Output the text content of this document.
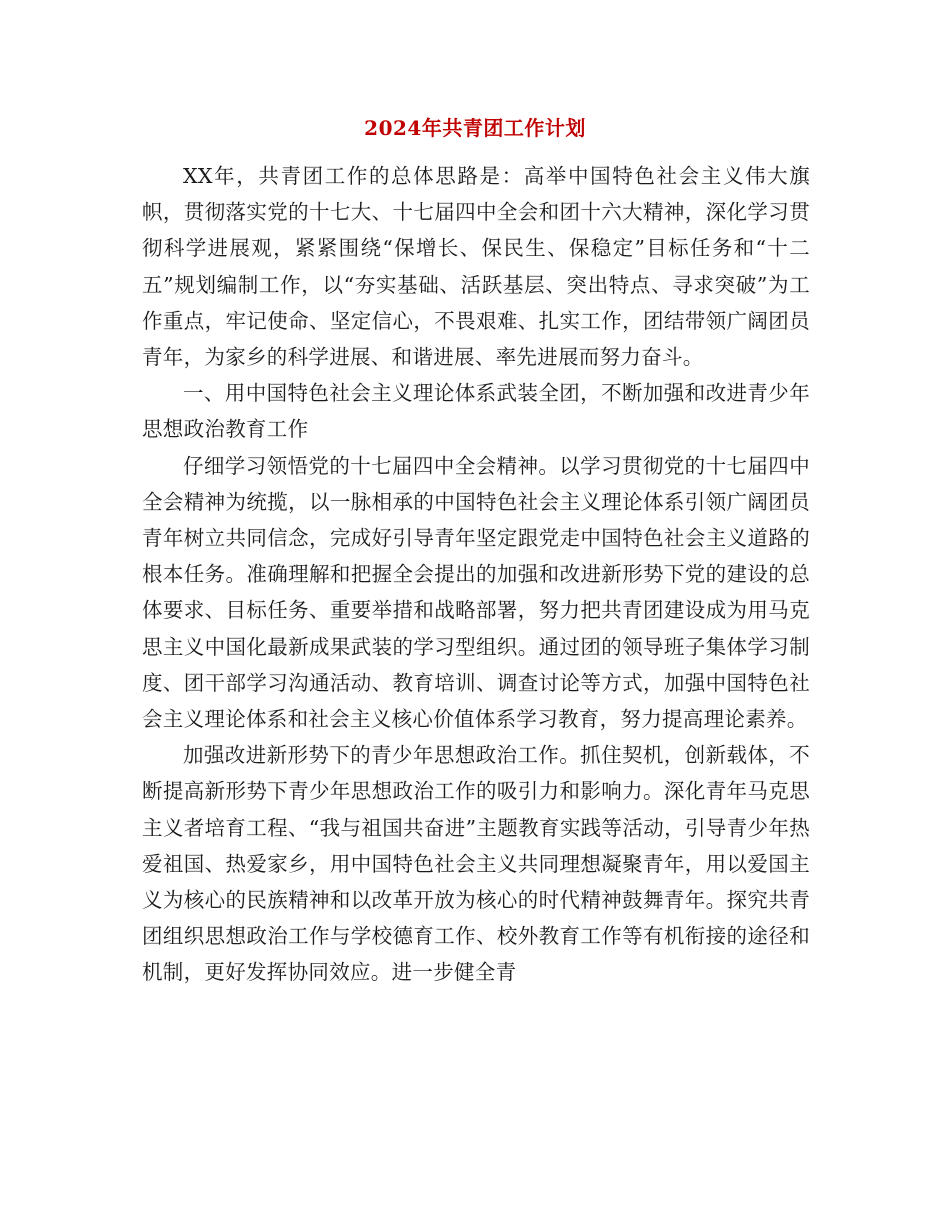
2024年共青团工作计划

XX年，共青团工作的总体思路是：高举中国特色社会主义伟大旗帜，贯彻落实党的十七大、十七届四中全会和团十六大精神，深化学习贯彻科学进展观，紧紧围绕“保增长、保民生、保稳定”目标任务和“十二五”规划编制工作，以“夯实基础、活跃基层、突出特点、寻求突破”为工作重点，牢记使命、坚定信心，不畏艰难、扎实工作，团结带领广阔团员青年，为家乡的科学进展、和谐进展、率先进展而努力奋斗。

一、用中国特色社会主义理论体系武装全团，不断加强和改进青少年思想政治教育工作

仔细学习领悟党的十七届四中全会精神。以学习贯彻党的十七届四中全会精神为统揽，以一脉相承的中国特色社会主义理论体系引领广阔团员青年树立共同信念，完成好引导青年坚定跟党走中国特色社会主义道路的根本任务。准确理解和把握全会提出的加强和改进新形势下党的建设的总体要求、目标任务、重要举措和战略部署，努力把共青团建设成为用马克思主义中国化最新成果武装的学习型组织。通过团的领导班子集体学习制度、团干部学习沟通活动、教育培训、调查讨论等方式，加强中国特色社会主义理论体系和社会主义核心价值体系学习教育，努力提高理论素养。

加强改进新形势下的青少年思想政治工作。抓住契机，创新载体，不断提高新形势下青少年思想政治工作的吸引力和影响力。深化青年马克思主义者培育工程、“我与祖国共奋进”主题教育实践等活动，引导青少年热爱祖国、热爱家乡，用中国特色社会主义共同理想凝聚青年，用以爱国主义为核心的民族精神和以改革开放为核心的时代精神鼓舞青年。探究共青团组织思想政治工作与学校德育工作、校外教育工作等有机衔接的途径和机制，更好发挥协同效应。进一步健全青
